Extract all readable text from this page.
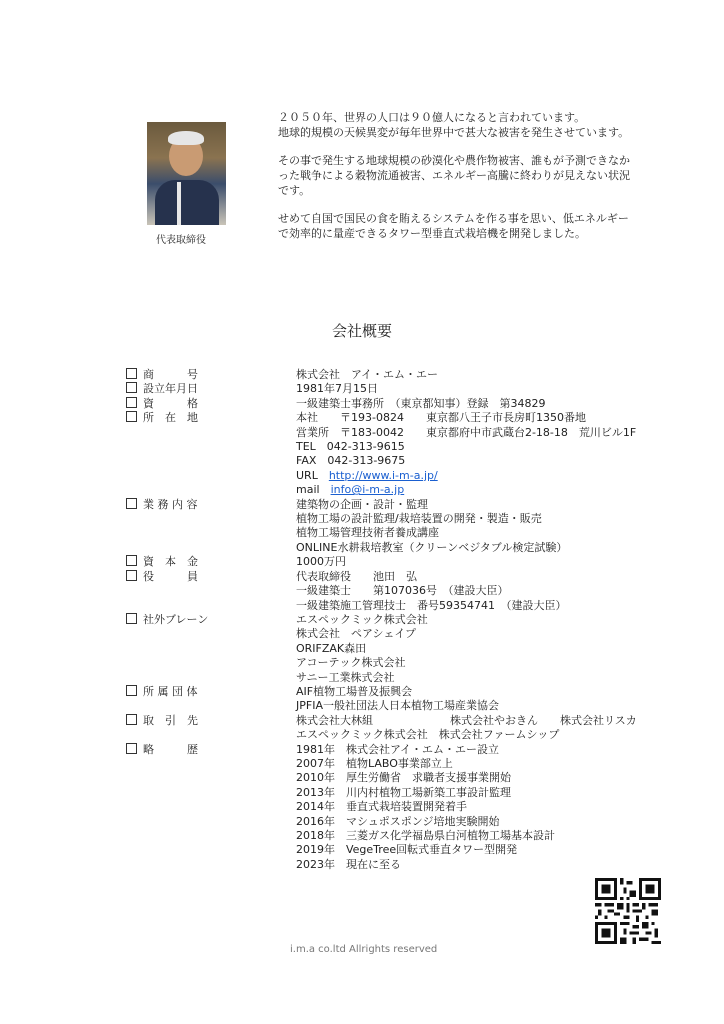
代表取締役

２０５０年、世界の人口は９０億人になると言われています。
地球的規模の天候異変が毎年世界中で甚大な被害を発生させています。

その事で発生する地球規模の砂漠化や農作物被害、誰もが予測できなかった戦争による穀物流通被害、エネルギー高騰に終わりが見えない状況です。

せめて自国で国民の食を賄えるシステムを作る事を思い、低エネルギーで効率的に量産できるタワー型垂直式栽培機を開発しました。

会社概要
商　　　号	株式会社　アイ・エム・エー
設立年月日	1981年7月15日
資　　　格	一級建築士事務所　（東京都知事）登録　第34829
所　在　地	本社　　〒193-0824　　東京都八王子市長房町1350番地
営業所　〒183-0042　　東京都府中市武蔵台2-18-18　荒川ビル1F
TEL　042-313-9615
FAX　042-313-9675
URL　 http://www.i-m-a.jp/
mail　 info@i-m-a.jp
業 務 内 容	建築物の企画・設計・監理
植物工場の設計監理/栽培装置の開発・製造・販売
植物工場管理技術者養成講座
ONLINE水耕栽培教室（クリーンベジタブル検定試験）
資　本　金	1000万円
役　　　員	代表取締役　　池田　弘
一級建築士　　第107036号　（建設大臣）
一級建築施工管理技士　番号59354741　（建設大臣）
社外ブレーン	エスペックミック株式会社
株式会社　ペアシェイプ
ORIFZAK森田
アコーテック株式会社
サニー工業株式会社
所 属 団 体	AIF植物工場普及振興会
JPFIA一般社団法人日本植物工場産業協会
取　引　先	株式会社大林組　　　　　　　株式会社やおきん　　株式会社リスカ
エスペックミック株式会社　株式会社ファームシップ
略　　　歴	1981年　株式会社アイ・エム・エー設立
2007年　植物LABO事業部立上
2010年　厚生労働省　求職者支援事業開始
2013年　川内村植物工場新築工事設計監理
2014年　垂直式栽培装置開発着手
2016年　マシュポスポンジ培地実験開始
2018年　三菱ガス化学福島県白河植物工場基本設計
2019年　VegeTree回転式垂直タワー型開発
2023年　現在に至る
i.m.a co.ltd Allrights reserved
